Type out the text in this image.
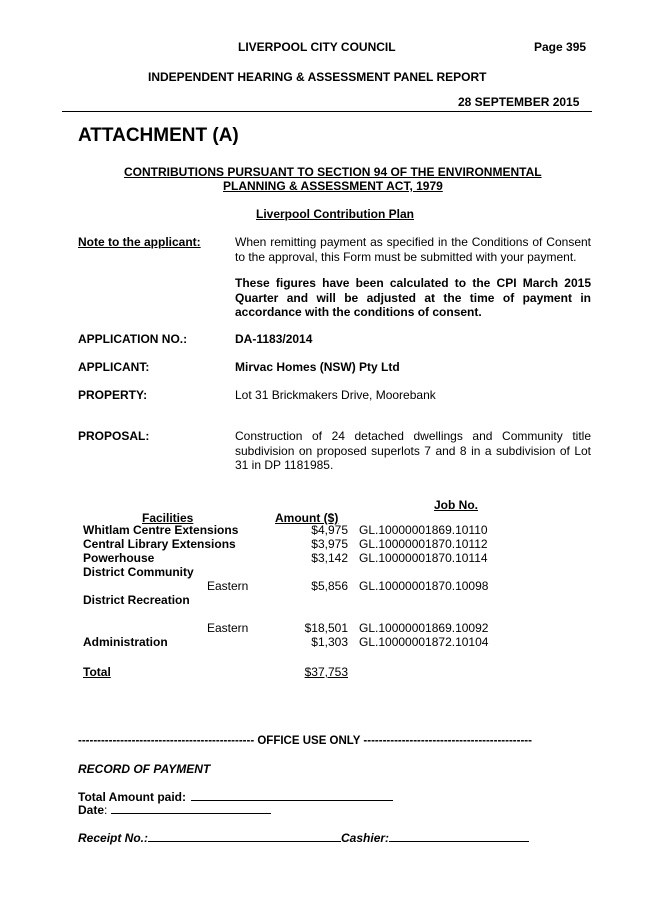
LIVERPOOL CITY COUNCIL	Page 395
INDEPENDENT HEARING & ASSESSMENT PANEL REPORT
28 SEPTEMBER 2015
ATTACHMENT (A)
CONTRIBUTIONS PURSUANT TO SECTION 94 OF THE ENVIRONMENTAL
PLANNING & ASSESSMENT ACT, 1979
Liverpool Contribution Plan
Note to the applicant:	When remitting payment as specified in the Conditions of Consent to the approval, this Form must be submitted with your payment.
These figures have been calculated to the CPI March 2015 Quarter and will be adjusted at the time of payment in accordance with the conditions of consent.
APPLICATION NO.:	DA-1183/2014
APPLICANT:	Mirvac Homes (NSW) Pty Ltd
PROPERTY:	Lot 31 Brickmakers Drive, Moorebank
PROPOSAL:	Construction of 24 detached dwellings and Community title subdivision on proposed superlots 7 and 8 in a subdivision of Lot 31 in DP 1181985.
Job No.
Facilities	Amount ($)
Whitlam Centre Extensions	$4,975 GL.10000001869.10110
Central Library Extensions	$3,975 GL.10000001870.10112
Powerhouse	$3,142 GL.10000001870.10114
District Community
Eastern	$5,856 GL.10000001870.10098
District Recreation
Eastern	$18,501 GL.10000001869.10092
Administration	$1,303 GL.10000001872.10104
Total	$37,753
---------------------------------------------- OFFICE USE ONLY --------------------------------------------
RECORD OF PAYMENT
Total Amount paid:
Date:
Receipt No.:	Cashier:
